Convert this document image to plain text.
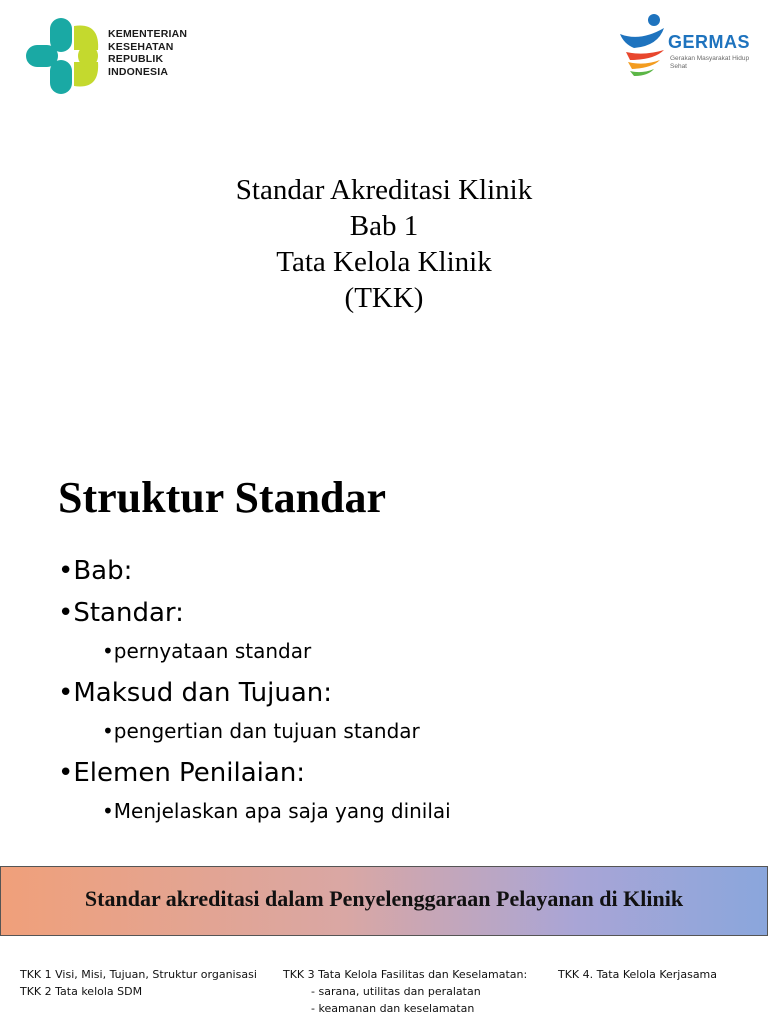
KEMENTERIAN
KESEHATAN
REPUBLIK
INDONESIA
GERMAS
Gerakan Masyarakat Hidup Sehat
Standar Akreditasi Klinik
Bab 1
Tata Kelola Klinik
(TKK)
Struktur Standar
•Bab:
•Standar:
•pernyataan standar
•Maksud dan Tujuan:
•pengertian dan tujuan standar
•Elemen Penilaian:
•Menjelaskan apa saja yang dinilai
Standar akreditasi dalam Penyelenggaraan Pelayanan di Klinik
TKK 1 Visi, Misi, Tujuan, Struktur organisasi
TKK 2 Tata kelola SDM
TKK 3 Tata Kelola Fasilitas dan Keselamatan:
- sarana, utilitas dan peralatan
- keamanan dan keselamatan
TKK 4. Tata Kelola Kerjasama
